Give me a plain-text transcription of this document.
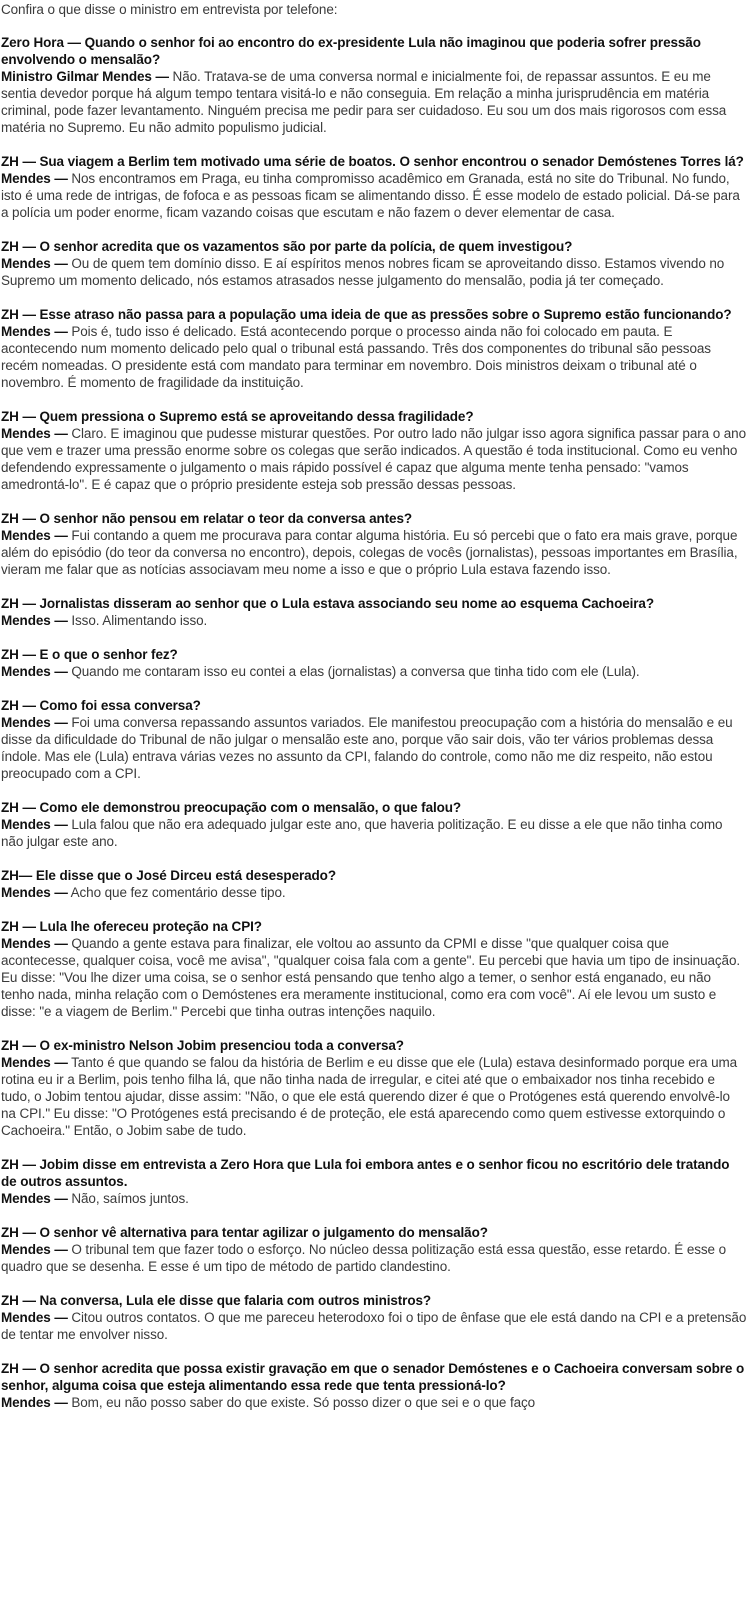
Confira o que disse o ministro em entrevista por telefone:
Zero Hora — Quando o senhor foi ao encontro do ex-presidente Lula não imaginou que poderia sofrer pressão envolvendo o mensalão?
Ministro Gilmar Mendes — Não. Tratava-se de uma conversa normal e inicialmente foi, de repassar assuntos. E eu me sentia devedor porque há algum tempo tentara visitá-lo e não conseguia. Em relação a minha jurisprudência em matéria criminal, pode fazer levantamento. Ninguém precisa me pedir para ser cuidadoso. Eu sou um dos mais rigorosos com essa matéria no Supremo. Eu não admito populismo judicial.
ZH — Sua viagem a Berlim tem motivado uma série de boatos. O senhor encontrou o senador Demóstenes Torres lá?
Mendes — Nos encontramos em Praga, eu tinha compromisso acadêmico em Granada, está no site do Tribunal. No fundo, isto é uma rede de intrigas, de fofoca e as pessoas ficam se alimentando disso. É esse modelo de estado policial. Dá-se para a polícia um poder enorme, ficam vazando coisas que escutam e não fazem o dever elementar de casa.
ZH — O senhor acredita que os vazamentos são por parte da polícia, de quem investigou?
Mendes — Ou de quem tem domínio disso. E aí espíritos menos nobres ficam se aproveitando disso. Estamos vivendo no Supremo um momento delicado, nós estamos atrasados nesse julgamento do mensalão, podia já ter começado.
ZH — Esse atraso não passa para a população uma ideia de que as pressões sobre o Supremo estão funcionando?
Mendes — Pois é, tudo isso é delicado. Está acontecendo porque o processo ainda não foi colocado em pauta. E acontecendo num momento delicado pelo qual o tribunal está passando. Três dos componentes do tribunal são pessoas recém nomeadas. O presidente está com mandato para terminar em novembro. Dois ministros deixam o tribunal até o novembro. É momento de fragilidade da instituição.
ZH — Quem pressiona o Supremo está se aproveitando dessa fragilidade?
Mendes — Claro. E imaginou que pudesse misturar questões. Por outro lado não julgar isso agora significa passar para o ano que vem e trazer uma pressão enorme sobre os colegas que serão indicados. A questão é toda institucional. Como eu venho defendendo expressamente o julgamento o mais rápido possível é capaz que alguma mente tenha pensado: "vamos amedrontá-lo". E é capaz que o próprio presidente esteja sob pressão dessas pessoas.
ZH — O senhor não pensou em relatar o teor da conversa antes?
Mendes — Fui contando a quem me procurava para contar alguma história. Eu só percebi que o fato era mais grave, porque além do episódio (do teor da conversa no encontro), depois, colegas de vocês (jornalistas), pessoas importantes em Brasília, vieram me falar que as notícias associavam meu nome a isso e que o próprio Lula estava fazendo isso.
ZH — Jornalistas disseram ao senhor que o Lula estava associando seu nome ao esquema Cachoeira?
Mendes — Isso. Alimentando isso.
ZH — E o que o senhor fez?
Mendes — Quando me contaram isso eu contei a elas (jornalistas) a conversa que tinha tido com ele (Lula).
ZH — Como foi essa conversa?
Mendes — Foi uma conversa repassando assuntos variados. Ele manifestou preocupação com a história do mensalão e eu disse da dificuldade do Tribunal de não julgar o mensalão este ano, porque vão sair dois, vão ter vários problemas dessa índole. Mas ele (Lula) entrava várias vezes no assunto da CPI, falando do controle, como não me diz respeito, não estou preocupado com a CPI.
ZH — Como ele demonstrou preocupação com o mensalão, o que falou?
Mendes — Lula falou que não era adequado julgar este ano, que haveria politização. E eu disse a ele que não tinha como não julgar este ano.
ZH— Ele disse que o José Dirceu está desesperado?
Mendes — Acho que fez comentário desse tipo.
ZH — Lula lhe ofereceu proteção na CPI?
Mendes — Quando a gente estava para finalizar, ele voltou ao assunto da CPMI e disse "que qualquer coisa que acontecesse, qualquer coisa, você me avisa", "qualquer coisa fala com a gente". Eu percebi que havia um tipo de insinuação. Eu disse: "Vou lhe dizer uma coisa, se o senhor está pensando que tenho algo a temer, o senhor está enganado, eu não tenho nada, minha relação com o Demóstenes era meramente institucional, como era com você". Aí ele levou um susto e disse: "e a viagem de Berlim." Percebi que tinha outras intenções naquilo.
ZH — O ex-ministro Nelson Jobim presenciou toda a conversa?
Mendes — Tanto é que quando se falou da história de Berlim e eu disse que ele (Lula) estava desinformado porque era uma rotina eu ir a Berlim, pois tenho filha lá, que não tinha nada de irregular, e citei até que o embaixador nos tinha recebido e tudo, o Jobim tentou ajudar, disse assim: "Não, o que ele está querendo dizer é que o Protógenes está querendo envolvê-lo na CPI." Eu disse: "O Protógenes está precisando é de proteção, ele está aparecendo como quem estivesse extorquindo o Cachoeira." Então, o Jobim sabe de tudo.
ZH — Jobim disse em entrevista a Zero Hora que Lula foi embora antes e o senhor ficou no escritório dele tratando de outros assuntos.
Mendes — Não, saímos juntos.
ZH — O senhor vê alternativa para tentar agilizar o julgamento do mensalão?
Mendes — O tribunal tem que fazer todo o esforço. No núcleo dessa politização está essa questão, esse retardo. É esse o quadro que se desenha. E esse é um tipo de método de partido clandestino.
ZH — Na conversa, Lula ele disse que falaria com outros ministros?
Mendes — Citou outros contatos. O que me pareceu heterodoxo foi o tipo de ênfase que ele está dando na CPI e a pretensão de tentar me envolver nisso.
ZH — O senhor acredita que possa existir gravação em que o senador Demóstenes e o Cachoeira conversam sobre o senhor, alguma coisa que esteja alimentando essa rede que tenta pressioná-lo?
Mendes — Bom, eu não posso saber do que existe. Só posso dizer o que sei e o que faço
